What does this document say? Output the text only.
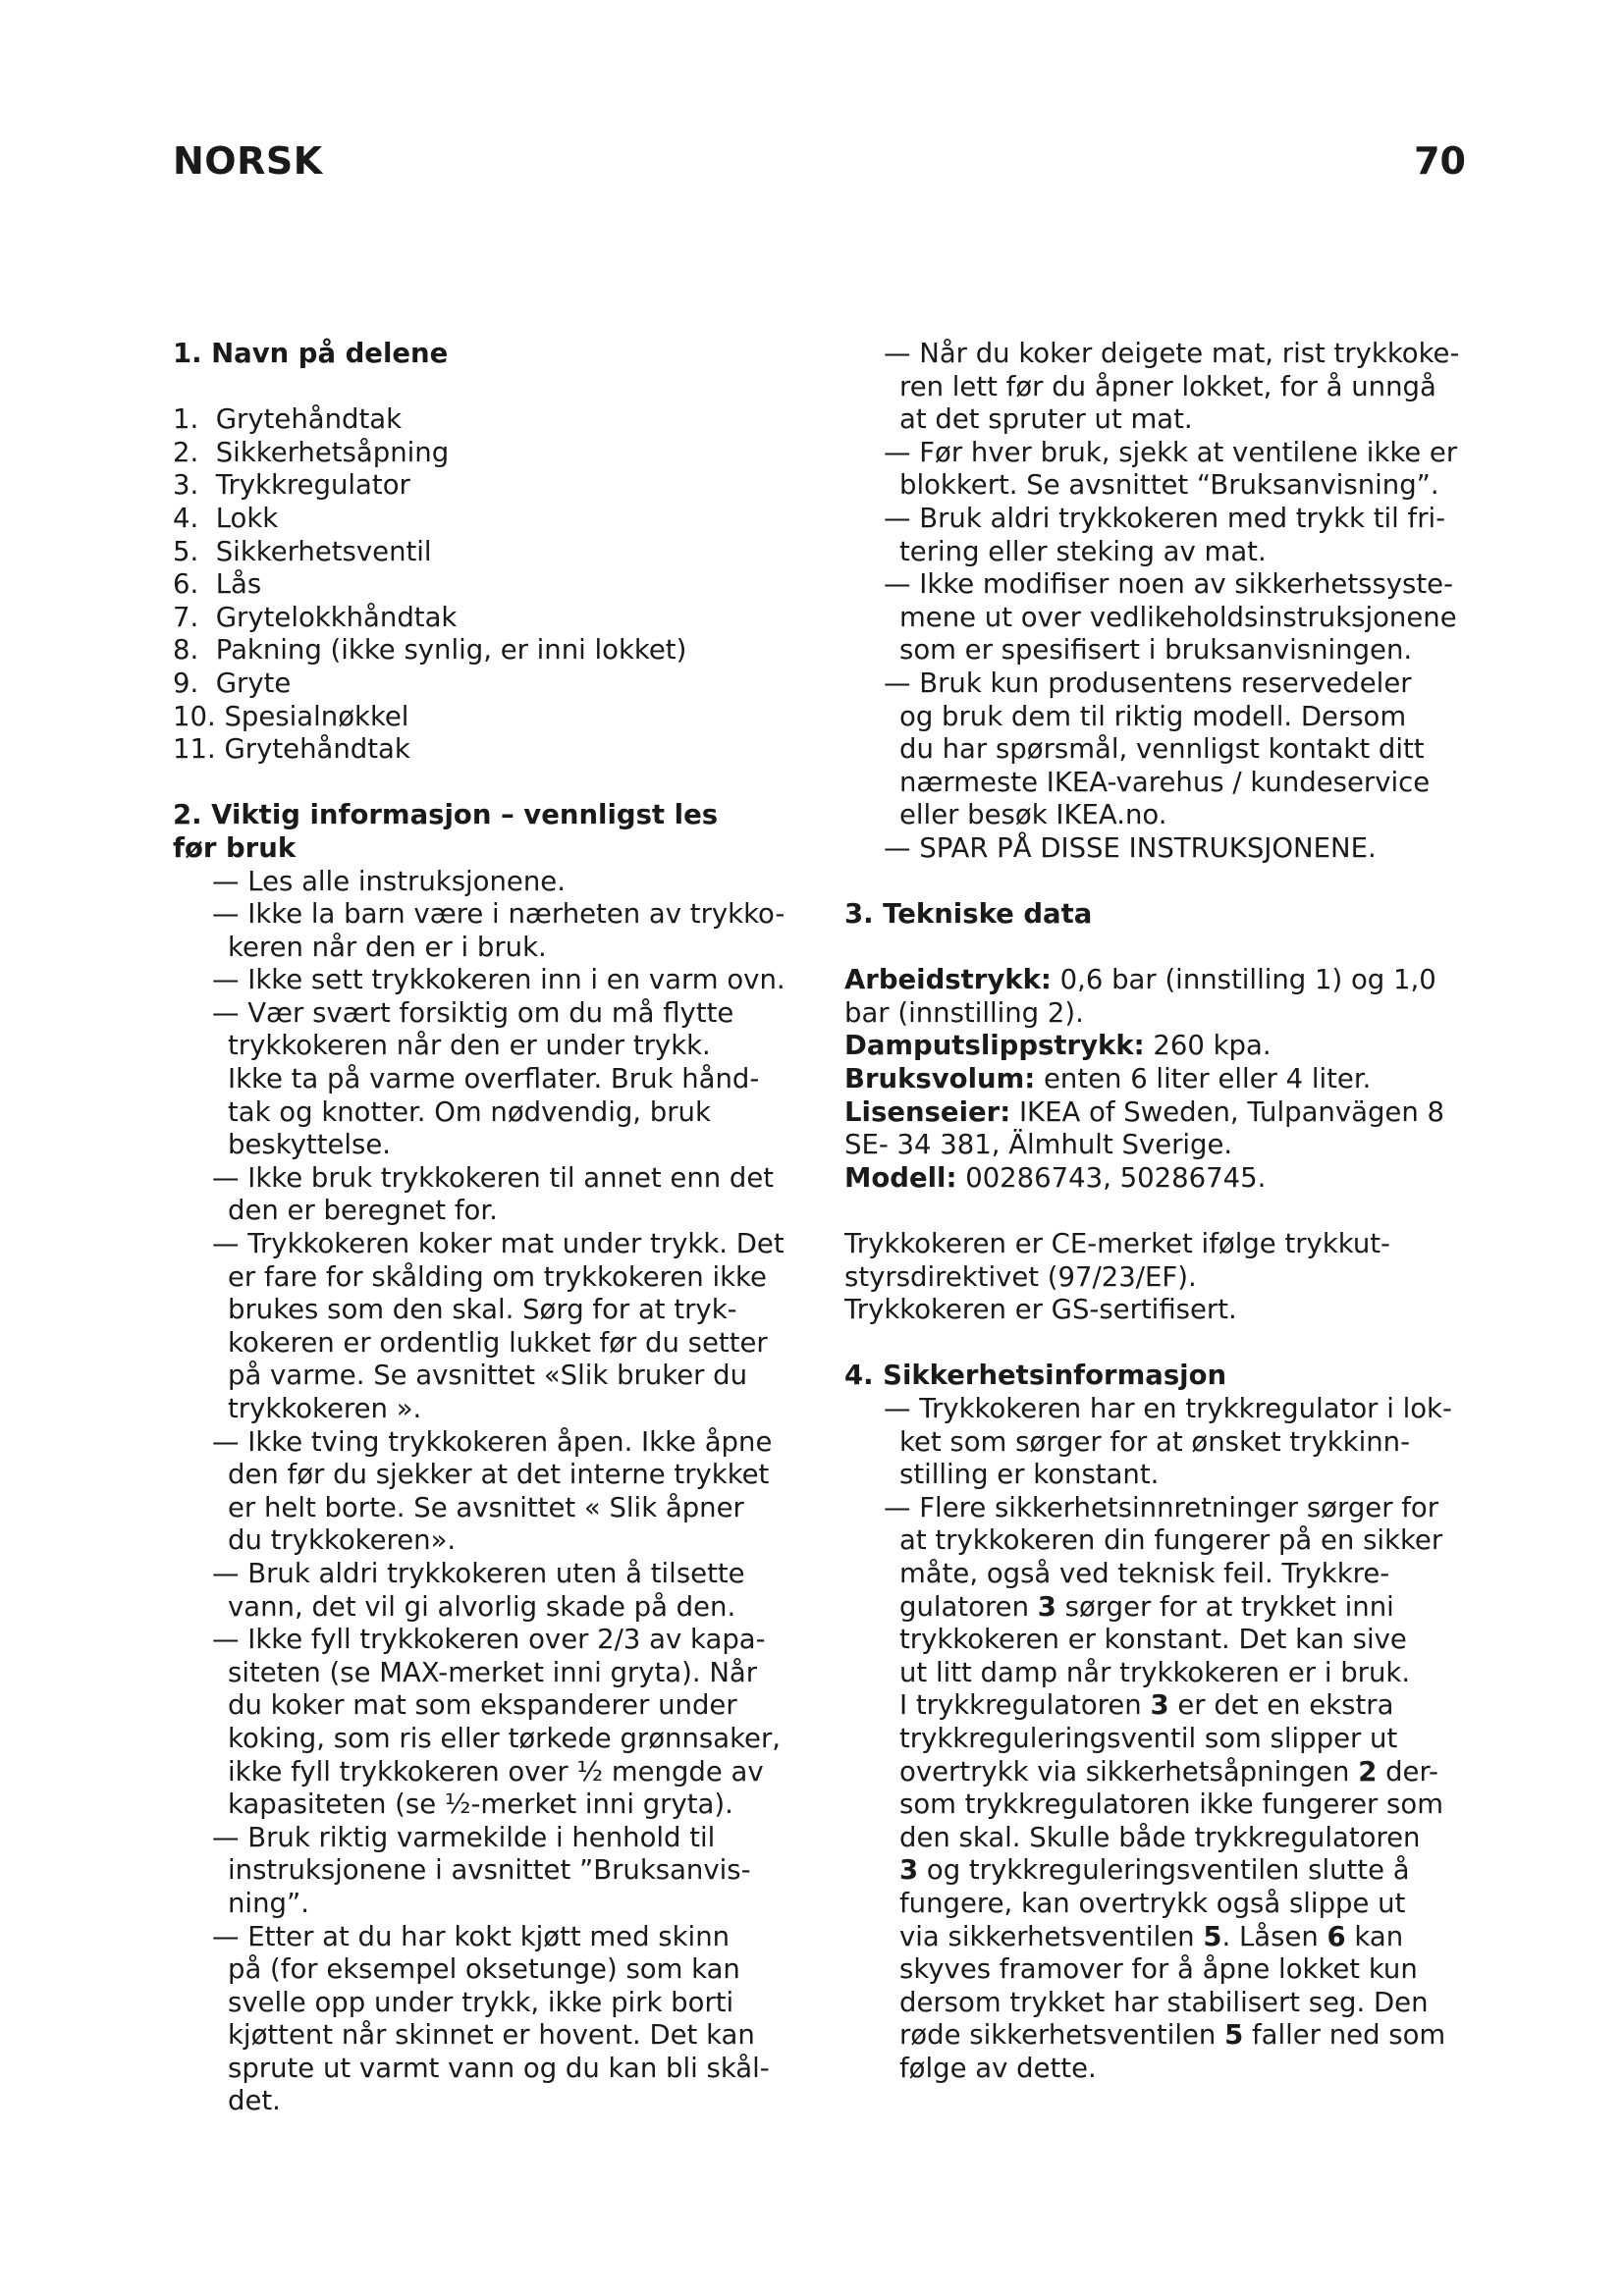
NORSK	70
1. Navn på delene
1.  Grytehåndtak
2.  Sikkerhetsåpning
3.  Trykkregulator
4.  Lokk
5.  Sikkerhetsventil
6.  Lås
7.  Grytelokkhåndtak
8.  Pakning (ikke synlig, er inni lokket)
9.  Gryte
10. Spesialnøkkel
11. Grytehåndtak
2. Viktig informasjon – vennligst les
før bruk
— Les alle instruksjonene.
— Ikke la barn være i nærheten av trykko-
keren når den er i bruk.
— Ikke sett trykkokeren inn i en varm ovn.
— Vær svært forsiktig om du må flytte
trykkokeren når den er under trykk.
Ikke ta på varme overflater. Bruk hånd-
tak og knotter. Om nødvendig, bruk
beskyttelse.
— Ikke bruk trykkokeren til annet enn det
den er beregnet for.
— Trykkokeren koker mat under trykk. Det
er fare for skålding om trykkokeren ikke
brukes som den skal. Sørg for at tryk-
kokeren er ordentlig lukket før du setter
på varme. Se avsnittet «Slik bruker du
trykkokeren ».
— Ikke tving trykkokeren åpen. Ikke åpne
den før du sjekker at det interne trykket
er helt borte. Se avsnittet « Slik åpner
du trykkokeren».
— Bruk aldri trykkokeren uten å tilsette
vann, det vil gi alvorlig skade på den.
— Ikke fyll trykkokeren over 2/3 av kapa-
siteten (se MAX-merket inni gryta). Når
du koker mat som ekspanderer under
koking, som ris eller tørkede grønnsaker,
ikke fyll trykkokeren over ½ mengde av
kapasiteten (se ½-merket inni gryta).
— Bruk riktig varmekilde i henhold til
instruksjonene i avsnittet ”Bruksanvis-
ning”.
— Etter at du har kokt kjøtt med skinn
på (for eksempel oksetunge) som kan
svelle opp under trykk, ikke pirk borti
kjøttent når skinnet er hovent. Det kan
sprute ut varmt vann og du kan bli skål-
det.
— Når du koker deigete mat, rist trykkoke-
ren lett før du åpner lokket, for å unngå
at det spruter ut mat.
— Før hver bruk, sjekk at ventilene ikke er
blokkert. Se avsnittet “Bruksanvisning”.
— Bruk aldri trykkokeren med trykk til fri-
tering eller steking av mat.
— Ikke modifiser noen av sikkerhetssyste-
mene ut over vedlikeholdsinstruksjonene
som er spesifisert i bruksanvisningen.
— Bruk kun produsentens reservedeler
og bruk dem til riktig modell. Dersom
du har spørsmål, vennligst kontakt ditt
nærmeste IKEA-varehus / kundeservice
eller besøk IKEA.no.
— SPAR PÅ DISSE INSTRUKSJONENE.
3. Tekniske data
Arbeidstrykk: 0,6 bar (innstilling 1) og 1,0
bar (innstilling 2).
Damputslippstrykk: 260 kpa.
Bruksvolum: enten 6 liter eller 4 liter.
Lisenseier: IKEA of Sweden, Tulpanvägen 8
SE- 34 381, Älmhult Sverige.
Modell: 00286743, 50286745.
Trykkokeren er CE-merket ifølge trykkut-
styrsdirektivet (97/23/EF).
Trykkokeren er GS-sertifisert.
4. Sikkerhetsinformasjon
— Trykkokeren har en trykkregulator i lok-
ket som sørger for at ønsket trykkinn-
stilling er konstant.
— Flere sikkerhetsinnretninger sørger for
at trykkokeren din fungerer på en sikker
måte, også ved teknisk feil. Trykkre-
gulatoren 3 sørger for at trykket inni
trykkokeren er konstant. Det kan sive
ut litt damp når trykkokeren er i bruk.
I trykkregulatoren 3 er det en ekstra
trykkreguleringsventil som slipper ut
overtrykk via sikkerhetsåpningen 2 der-
som trykkregulatoren ikke fungerer som
den skal. Skulle både trykkregulatoren
3 og trykkreguleringsventilen slutte å
fungere, kan overtrykk også slippe ut
via sikkerhetsventilen 5. Låsen 6 kan
skyves framover for å åpne lokket kun
dersom trykket har stabilisert seg. Den
røde sikkerhetsventilen 5 faller ned som
følge av dette.
